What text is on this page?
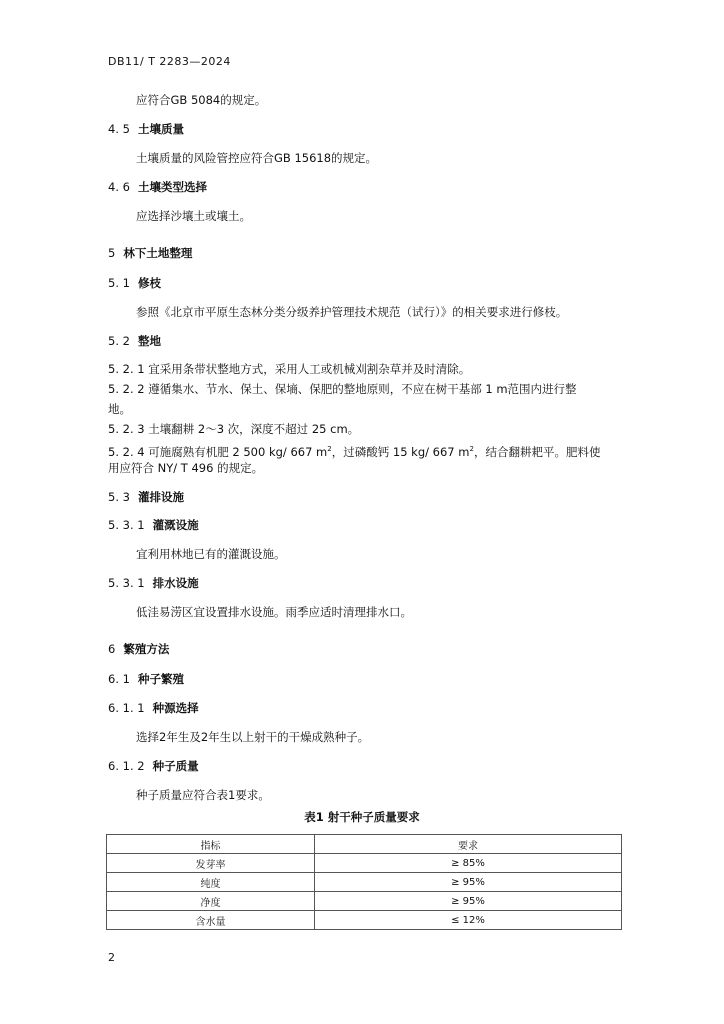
DB11/ T 2283—2024
应符合GB 5084的规定。
4. 5 土壤质量
土壤质量的风险管控应符合GB 15618的规定。
4. 6 土壤类型选择
应选择沙壤土或壤土。
5 林下土地整理
5. 1 修枝
参照《北京市平原生态林分类分级养护管理技术规范（试行）》的相关要求进行修枝。
5. 2 整地
5. 2. 1 宜采用条带状整地方式，采用人工或机械刈割杂草并及时清除。
5. 2. 2 遵循集水、节水、保土、保墒、保肥的整地原则，不应在树干基部 1 m范围内进行整
地。
5. 2. 3 土壤翻耕 2～3 次，深度不超过 25 cm。
5. 2. 4 可施腐熟有机肥 2 500 kg/ 667 $m^2$，过磷酸钙 15 kg/ 667 $m^2$，结合翻耕耙平。肥料使
用应符合 NY/ T 496 的规定。
5. 3 灌排设施
5. 3. 1 灌溉设施
宜利用林地已有的灌溉设施。
5. 3. 1 排水设施
低洼易涝区宜设置排水设施。雨季应适时清理排水口。
6 繁殖方法
6. 1 种子繁殖
6. 1. 1 种源选择
选择2年生及2年生以上射干的干燥成熟种子。
6. 1. 2 种子质量
种子质量应符合表1要求。
表1 射干种子质量要求
指标	要求
发芽率	≥ 85%
纯度	≥ 95%
净度	≥ 95%
含水量	≤ 12%
2
